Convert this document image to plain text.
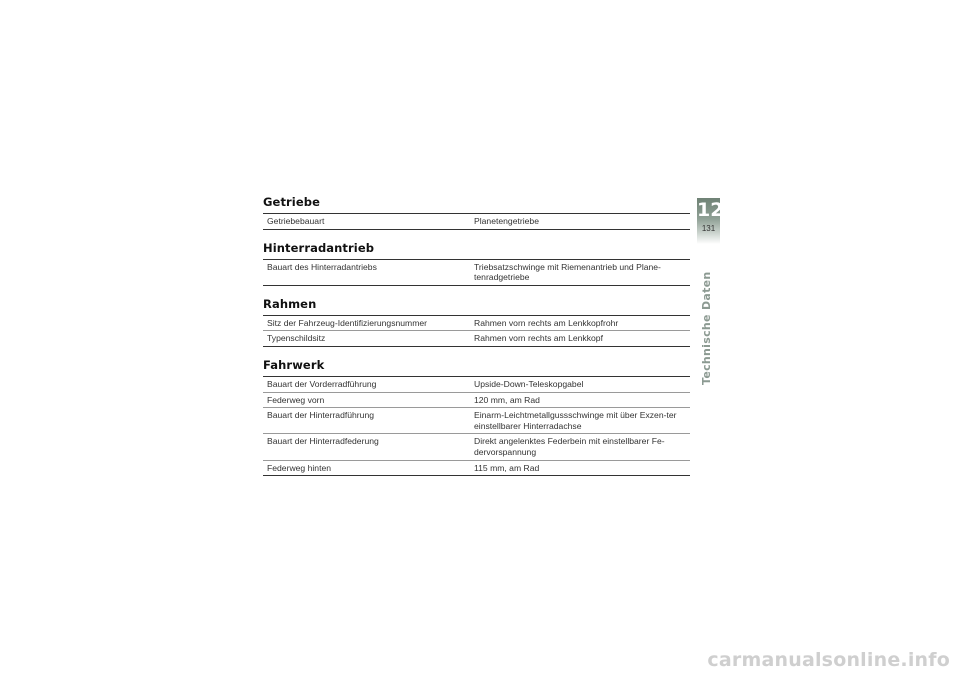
Getriebe
Getriebebauart	Planetengetriebe
Hinterradantrieb
Bauart des Hinterradantriebs	Triebsatzschwinge mit Riemenantrieb und Plane-tenradgetriebe
Rahmen
Sitz der Fahrzeug-Identifizierungsnummer	Rahmen vorn rechts am Lenkkopfrohr
Typenschildsitz	Rahmen vorn rechts am Lenkkopf
Fahrwerk
Bauart der Vorderradführung	Upside-Down-Teleskopgabel
Federweg vorn	120 mm, am Rad
Bauart der Hinterradführung	Einarm-Leichtmetallgussschwinge mit über Exzen-ter einstellbarer Hinterradachse
Bauart der Hinterradfederung	Direkt angelenktes Federbein mit einstellbarer Fe-dervorspannung
Federweg hinten	115 mm, am Rad
12
131
Technische Daten
carmanualsonline.info
